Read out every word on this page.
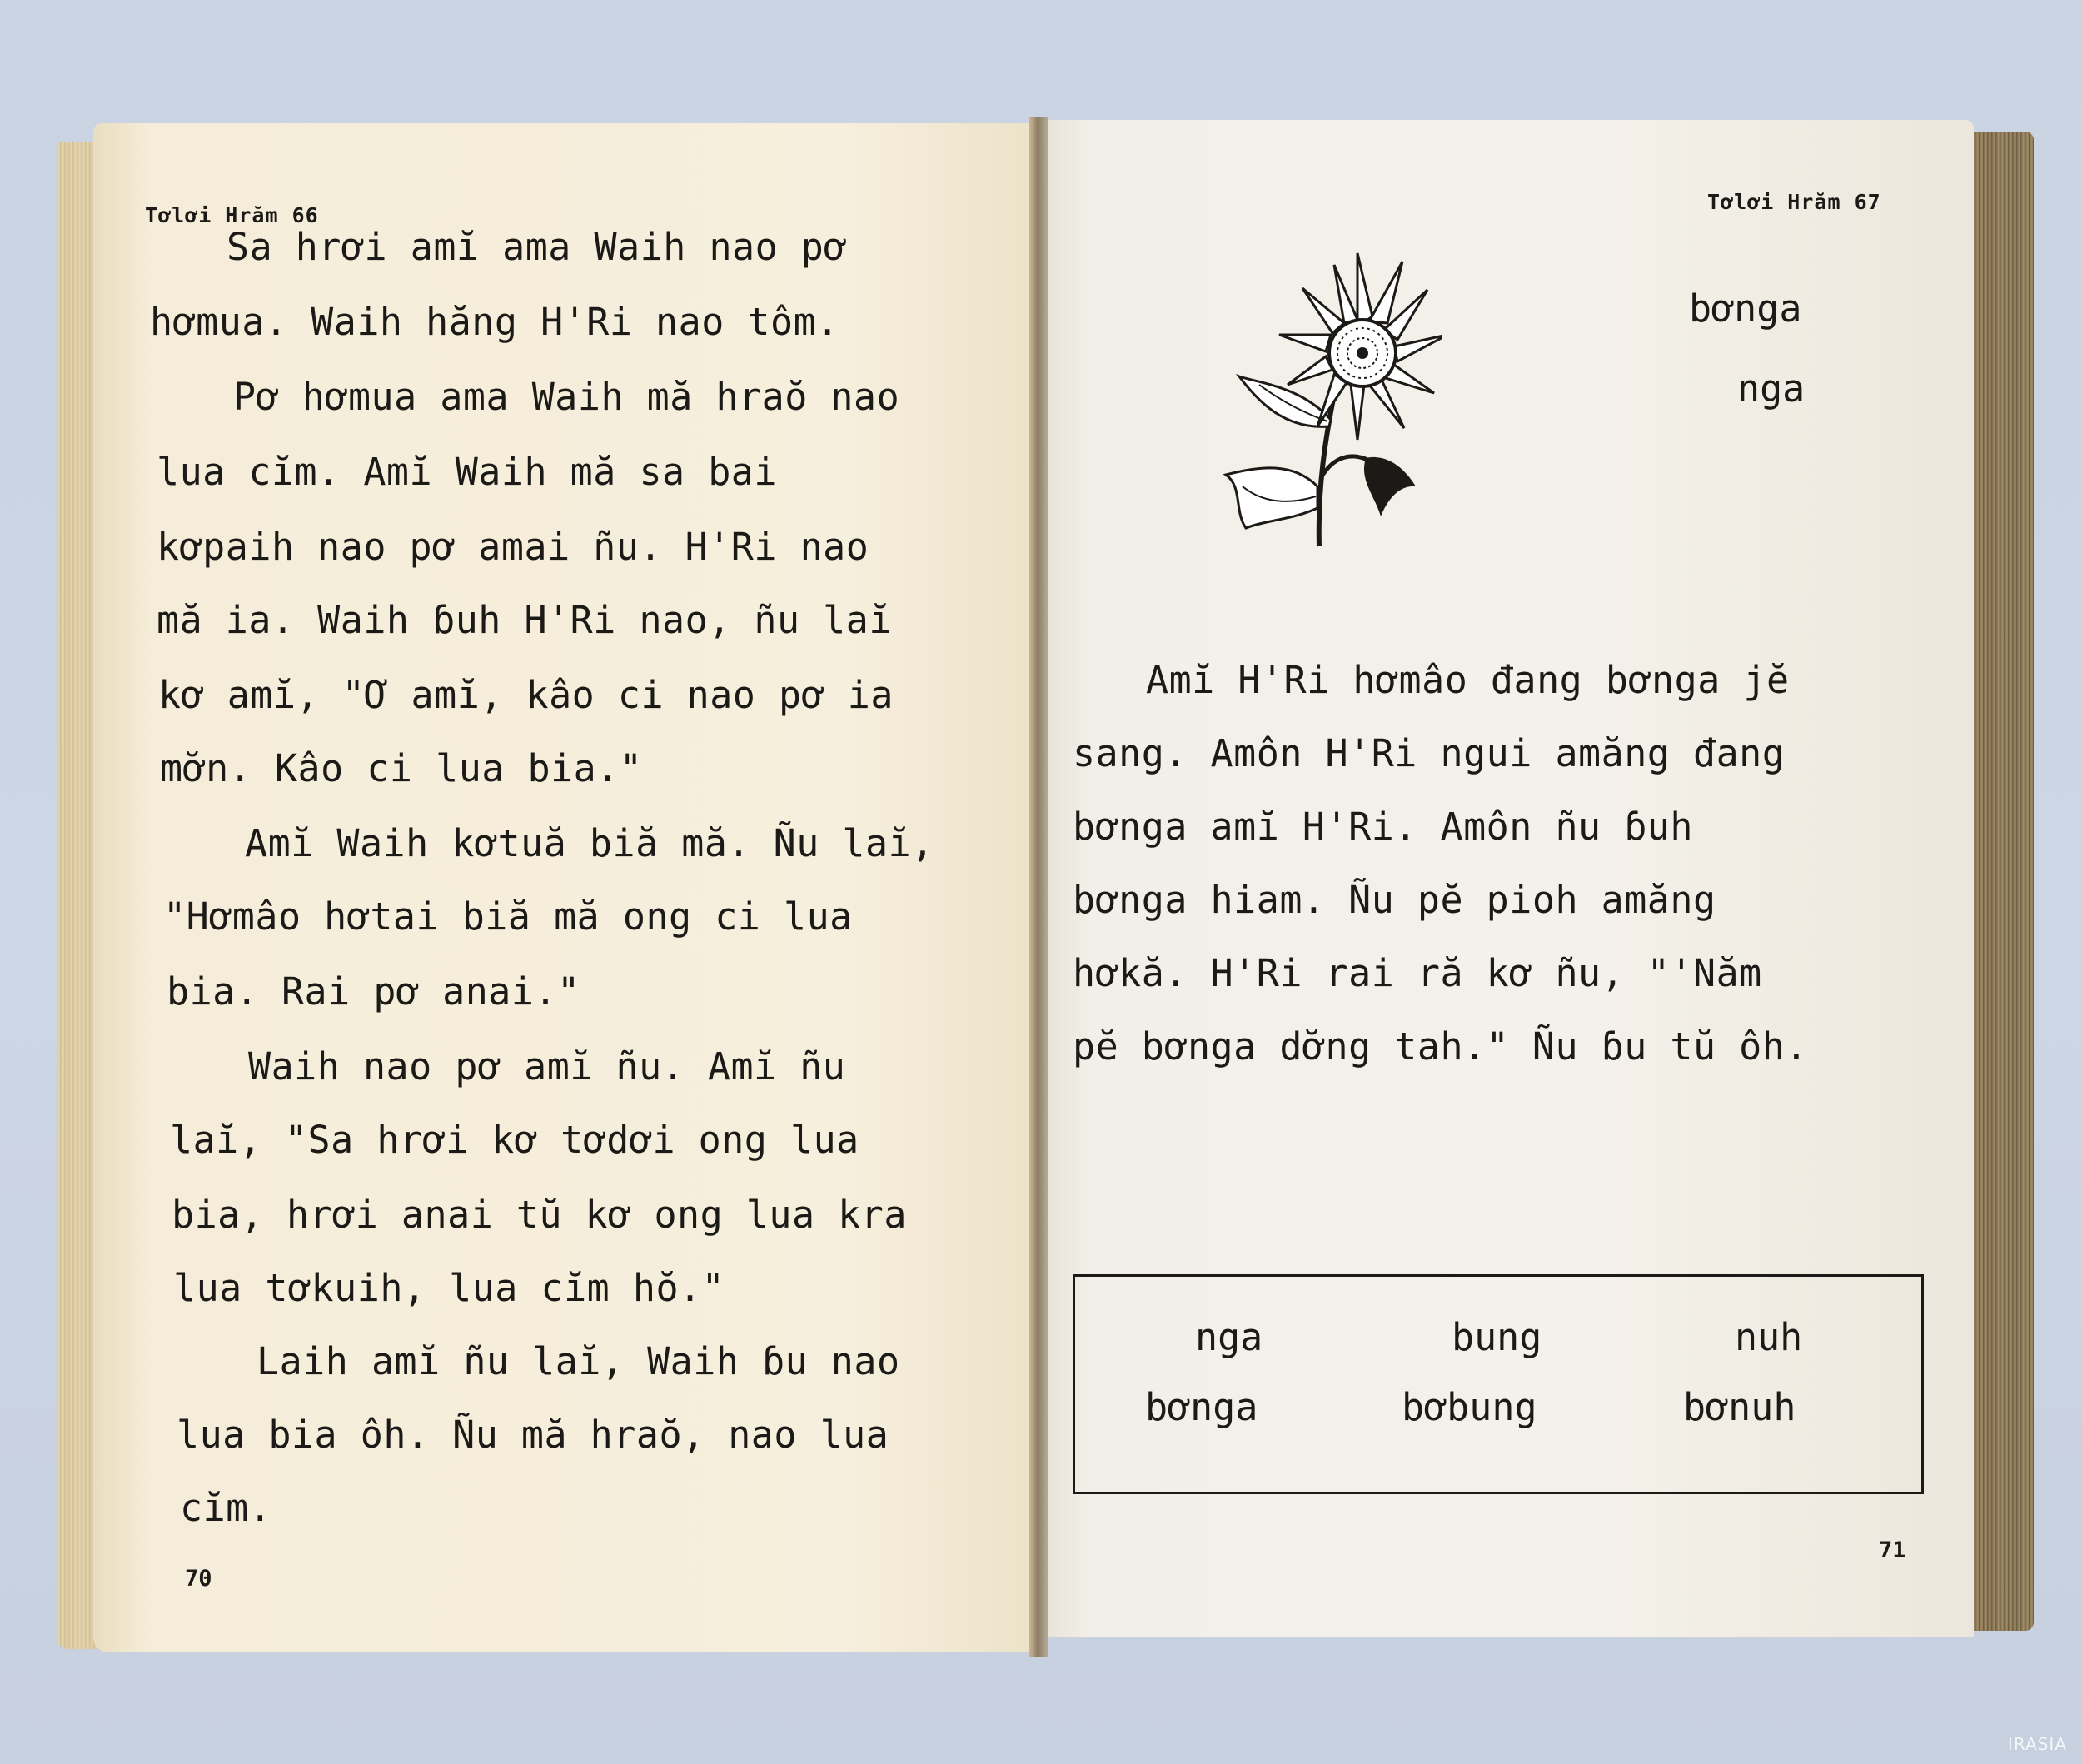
Tơlơi Hrăm 66
Sa hrơi amĭ ama Waih nao pơ
hơmua. Waih hăng H'Ri nao tôm.
Pơ hơmua ama Waih mă hraŏ nao
lua cĭm. Amĭ Waih mă sa bai
kơpaih nao pơ amai ñu. H'Ri nao
mă ia. Waih ɓuh H'Ri nao, ñu laĭ
kơ amĭ, "Ơ amĭ, kâo ci nao pơ ia
mơ̆n. Kâo ci lua bia."
Amĭ Waih kơtuă biă mă. Ñu laĭ,
"Hơmâo hơtai biă mă ong ci lua
bia. Rai pơ anai."
Waih nao pơ amĭ ñu. Amĭ ñu
laĭ, "Sa hrơi kơ tơdơi ong lua
bia, hrơi anai tŭ kơ ong lua kra
lua tơkuih, lua cĭm hŏ."
Laih amĭ ñu laĭ, Waih ɓu nao
lua bia ôh. Ñu mă hraŏ, nao lua
cĭm.
70
Tơlơi Hrăm 67
bơnga
nga
Amĭ H'Ri hơmâo đang bơnga jĕ
sang. Amôn H'Ri ngui amăng đang
bơnga amĭ H'Ri. Amôn ñu ɓuh
bơnga hiam. Ñu pĕ pioh amăng
hơkă. H'Ri rai ră kơ ñu, "'Năm
pĕ bơnga dơ̆ng tah." Ñu ɓu tŭ ôh.
nga
bơnga
bung
bơbung
nuh
bơnuh
71
IRASIA
